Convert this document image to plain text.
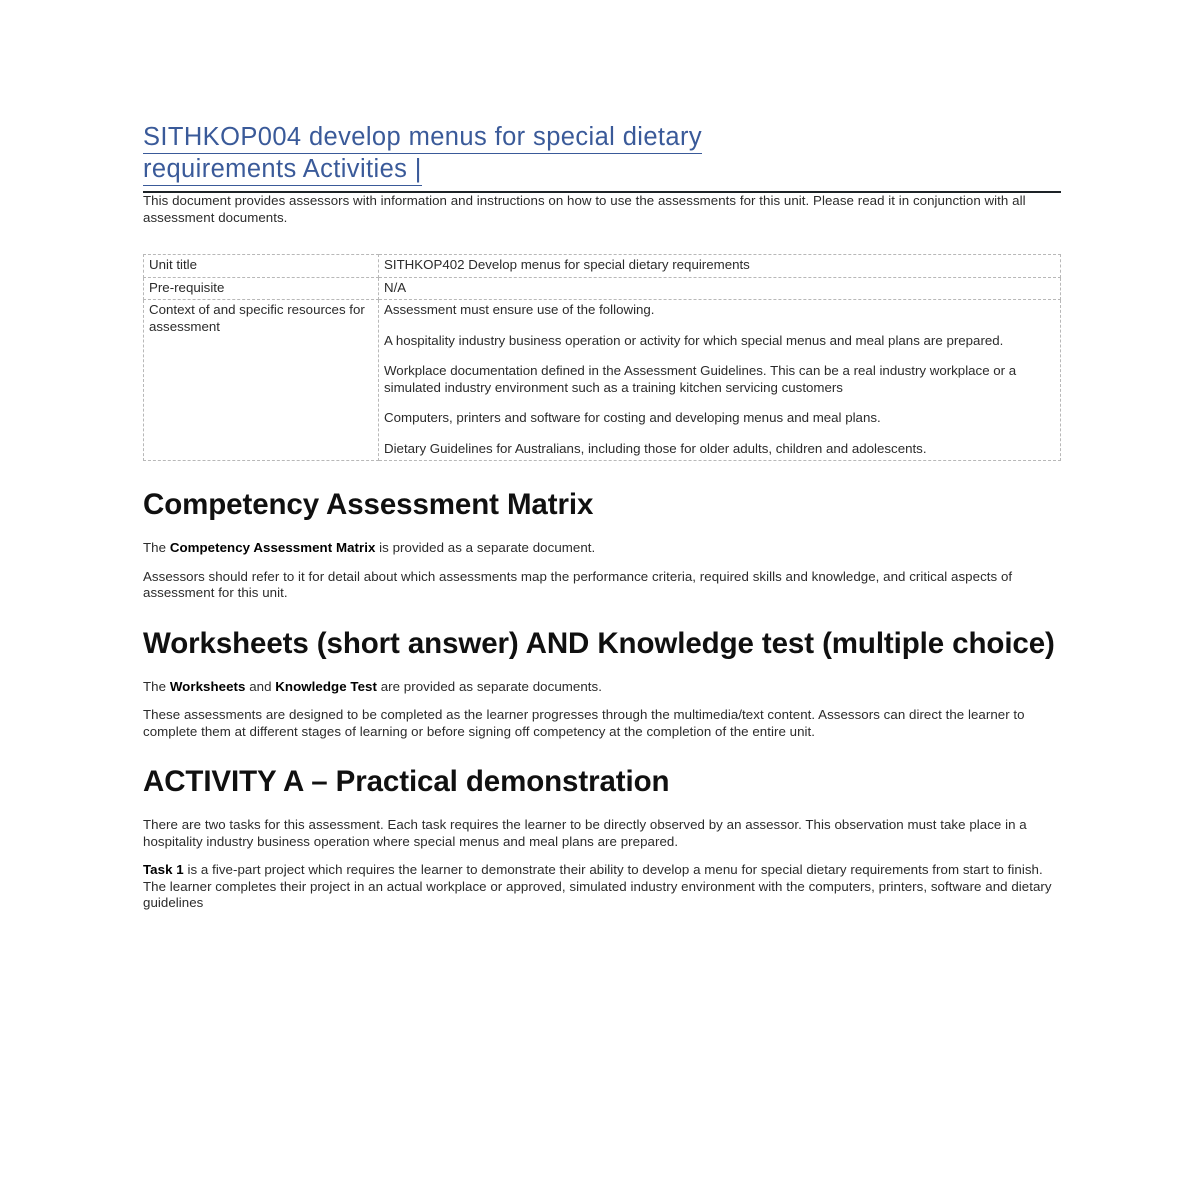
SITHKOP004 develop menus for special dietary
requirements Activities |

This document provides assessors with information and instructions on how to use the assessments for this unit. Please read it in conjunction with all assessment documents.

Unit title	SITHKOP402 Develop menus for special dietary requirements
Pre-requisite	N/A
Context of and specific resources for assessment	Assessment must ensure use of the following.

A hospitality industry business operation or activity for which special menus and meal plans are prepared.

Workplace documentation defined in the Assessment Guidelines. This can be a real industry workplace or a simulated industry environment such as a training kitchen servicing customers

Computers, printers and software for costing and developing menus and meal plans.

Dietary Guidelines for Australians, including those for older adults, children and adolescents.

Competency Assessment Matrix

The Competency Assessment Matrix is provided as a separate document.

Assessors should refer to it for detail about which assessments map the performance criteria, required skills and knowledge, and critical aspects of assessment for this unit.

Worksheets (short answer) AND Knowledge test (multiple choice)

The Worksheets and Knowledge Test are provided as separate documents.

These assessments are designed to be completed as the learner progresses through the multimedia/text content. Assessors can direct the learner to complete them at different stages of learning or before signing off competency at the completion of the entire unit.

ACTIVITY A – Practical demonstration

There are two tasks for this assessment. Each task requires the learner to be directly observed by an assessor. This observation must take place in a hospitality industry business operation where special menus and meal plans are prepared.

Task 1 is a five-part project which requires the learner to demonstrate their ability to develop a menu for special dietary requirements from start to finish. The learner completes their project in an actual workplace or approved, simulated industry environment with the computers, printers, software and dietary guidelines
